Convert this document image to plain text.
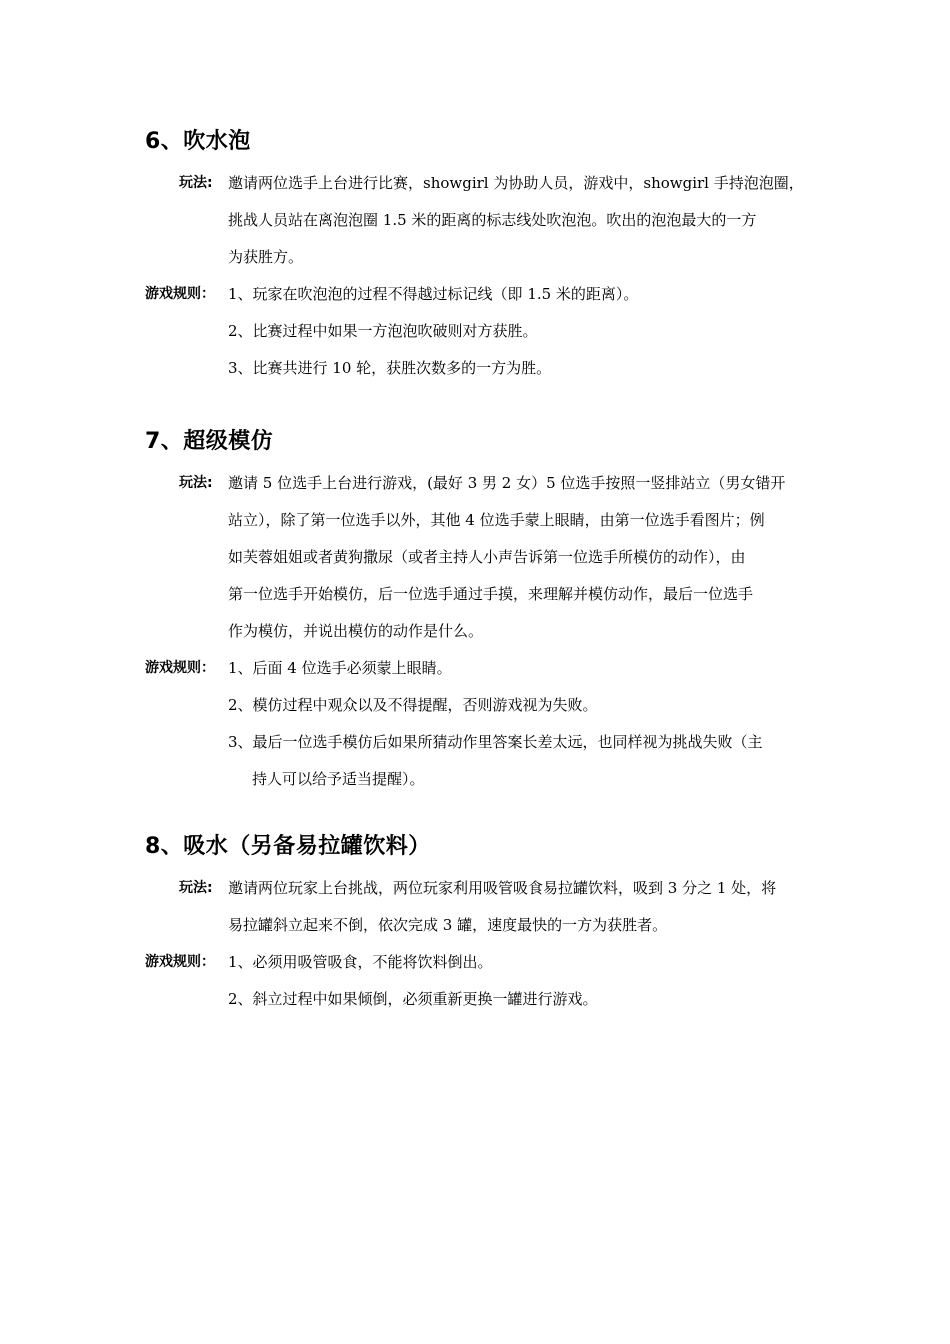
6、吹水泡
玩法: 邀请两位选手上台进行比赛，showgirl 为协助人员，游戏中，showgirl 手持泡泡圈，
挑战人员站在离泡泡圈 1.5 米的距离的标志线处吹泡泡。吹出的泡泡最大的一方
为获胜方。
游戏规则： 1、玩家在吹泡泡的过程不得越过标记线（即 1.5 米的距离）。
2、比赛过程中如果一方泡泡吹破则对方获胜。
3、比赛共进行 10 轮，获胜次数多的一方为胜。
7、超级模仿
玩法: 邀请 5 位选手上台进行游戏，(最好 3 男 2 女）5 位选手按照一竖排站立（男女错开
站立），除了第一位选手以外，其他 4 位选手蒙上眼睛，由第一位选手看图片；例
如芙蓉姐姐或者黄狗撒尿（或者主持人小声告诉第一位选手所模仿的动作），由
第一位选手开始模仿，后一位选手通过手摸，来理解并模仿动作，最后一位选手
作为模仿，并说出模仿的动作是什么。
游戏规则： 1、后面 4 位选手必须蒙上眼睛。
2、模仿过程中观众以及不得提醒，否则游戏视为失败。
3、最后一位选手模仿后如果所猜动作里答案长差太远，也同样视为挑战失败（主
持人可以给予适当提醒）。
8、吸水（另备易拉罐饮料）
玩法: 邀请两位玩家上台挑战，两位玩家利用吸管吸食易拉罐饮料，吸到 3 分之 1 处，将
易拉罐斜立起来不倒，依次完成 3 罐，速度最快的一方为获胜者。
游戏规则： 1、必须用吸管吸食，不能将饮料倒出。
2、斜立过程中如果倾倒，必须重新更换一罐进行游戏。
